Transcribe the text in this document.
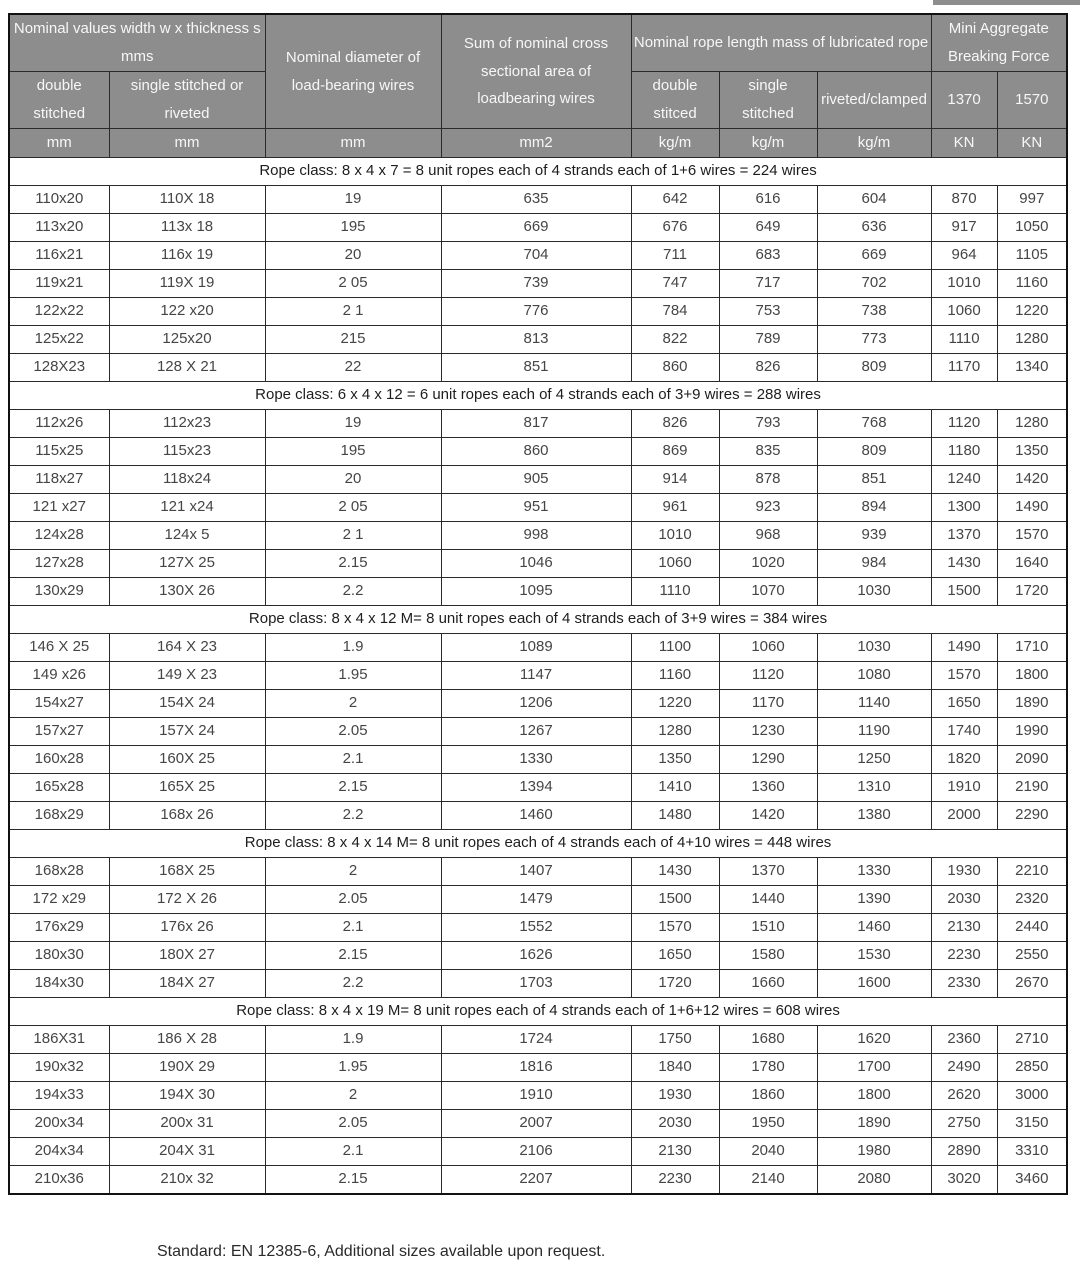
Nominal values width w x thickness s mms		Nominal diameter of load-bearing wires	Sum of nominal cross sectional area of loadbearing wires	Nominal rope length mass of lubricated rope			Mini Aggregate Breaking Force	
double stitched	single stitched or riveted			double stitced	single stitched	riveted/clamped	1370	1570
mm	mm	mm	mm2	kg/m	kg/m	kg/m	KN	KN
Rope class: 8 x 4 x 7 = 8 unit ropes each of 4 strands each of 1+6 wires = 224 wires								
110x20	110X 18	19	635	642	616	604	870	997
113x20	113x 18	195	669	676	649	636	917	1050
116x21	116x 19	20	704	711	683	669	964	1105
119x21	119X 19	2 05	739	747	717	702	1010	1160
122x22	122 x20	2 1	776	784	753	738	1060	1220
125x22	125x20	215	813	822	789	773	1110	1280
128X23	128 X 21	22	851	860	826	809	1170	1340
Rope class: 6 x 4 x 12 = 6 unit ropes each of 4 strands each of 3+9 wires = 288 wires								
112x26	112x23	19	817	826	793	768	1120	1280
115x25	115x23	195	860	869	835	809	1180	1350
118x27	118x24	20	905	914	878	851	1240	1420
121 x27	121 x24	2 05	951	961	923	894	1300	1490
124x28	124x 5	2 1	998	1010	968	939	1370	1570
127x28	127X 25	2.15	1046	1060	1020	984	1430	1640
130x29	130X 26	2.2	1095	1110	1070	1030	1500	1720
Rope class: 8 x 4 x 12 M= 8 unit ropes each of 4 strands each of 3+9 wires = 384 wires								
146 X 25	164 X 23	1.9	1089	1100	1060	1030	1490	1710
149 x26	149 X 23	1.95	1147	1160	1120	1080	1570	1800
154x27	154X 24	2	1206	1220	1170	1140	1650	1890
157x27	157X 24	2.05	1267	1280	1230	1190	1740	1990
160x28	160X 25	2.1	1330	1350	1290	1250	1820	2090
165x28	165X 25	2.15	1394	1410	1360	1310	1910	2190
168x29	168x 26	2.2	1460	1480	1420	1380	2000	2290
Rope class: 8 x 4 x 14 M= 8 unit ropes each of 4 strands each of 4+10 wires = 448 wires								
168x28	168X 25	2	1407	1430	1370	1330	1930	2210
172 x29	172 X 26	2.05	1479	1500	1440	1390	2030	2320
176x29	176x 26	2.1	1552	1570	1510	1460	2130	2440
180x30	180X 27	2.15	1626	1650	1580	1530	2230	2550
184x30	184X 27	2.2	1703	1720	1660	1600	2330	2670
Rope class: 8 x 4 x 19 M= 8 unit ropes each of 4 strands each of 1+6+12 wires = 608 wires								
186X31	186 X 28	1.9	1724	1750	1680	1620	2360	2710
190x32	190X 29	1.95	1816	1840	1780	1700	2490	2850
194x33	194X 30	2	1910	1930	1860	1800	2620	3000
200x34	200x 31	2.05	2007	2030	1950	1890	2750	3150
204x34	204X 31	2.1	2106	2130	2040	1980	2890	3310
210x36	210x 32	2.15	2207	2230	2140	2080	3020	3460
Standard: EN 12385-6, Additional sizes available upon request.
